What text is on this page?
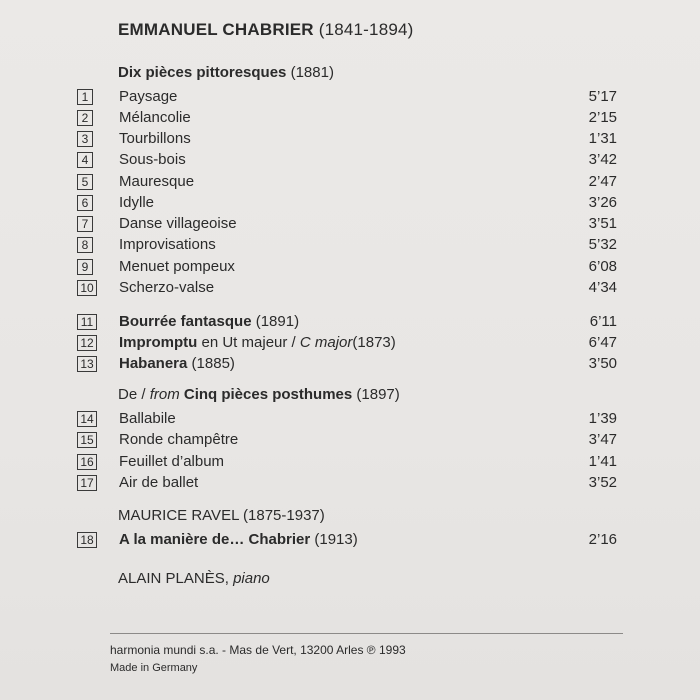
EMMANUEL CHABRIER (1841-1894)
Dix pièces pittoresques (1881)
1	Paysage	5’17
2	Mélancolie	2’15
3	Tourbillons	1’31
4	Sous-bois	3’42
5	Mauresque	2’47
6	Idylle	3’26
7	Danse villageoise	3’51
8	Improvisations	5’32
9	Menuet pompeux	6’08
10 Scherzo-valse	4’34
11 Bourrée fantasque (1891)	6’11
12 Impromptu en Ut majeur / C major(1873)	6’47
13 Habanera (1885)	3’50
De / from Cinq pièces posthumes (1897)
14 Ballabile	1’39
15 Ronde champêtre	3’47
16 Feuillet d’album	1’41
17 Air de ballet	3’52
MAURICE RAVEL (1875-1937)
18 A la manière de… Chabrier (1913)	2’16
ALAIN PLANÈS, piano
harmonia mundi s.a. - Mas de Vert, 13200 Arles ℗ 1993
Made in Germany
